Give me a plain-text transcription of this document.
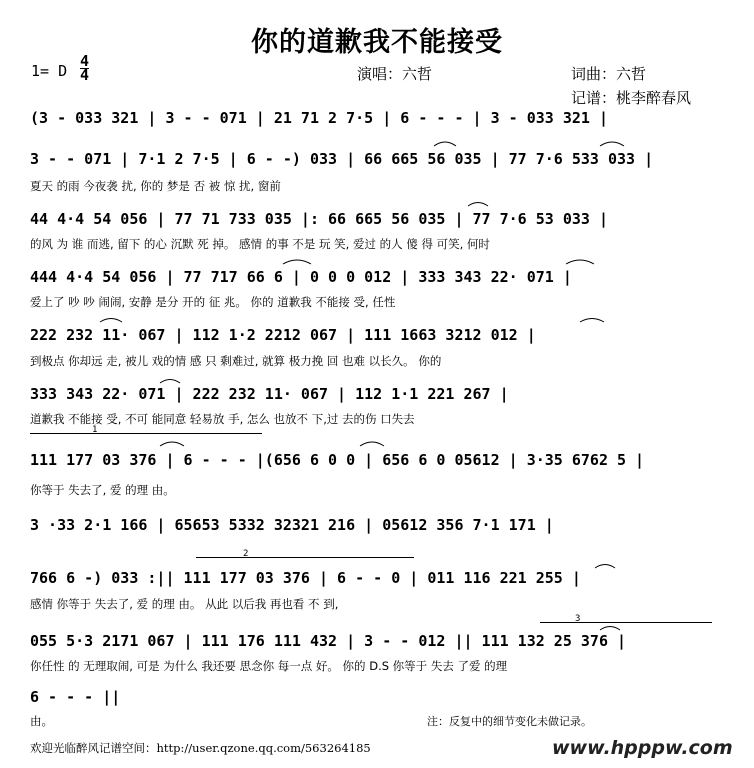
你的道歉我不能接受
1= D
4
4	演唱：六哲	词曲：六哲
记谱：桃李醉春风
(3 - 033 321 | 3 - - 071 | 21 71 2 7·5 | 6 - - - | 3 - 033 321 |
3 - - 071 | 7·1 2 7·5 | 6 - -) 033 | 66 665 56 035 | 77 7·6 533 033 |
夏天 的雨 今夜袭 扰, 你的 梦是 否 被 惊 扰, 窗前
44 4·4 54 056 | 77 71 733 035 |: 66 665 56 035 | 77 7·6 53 033 |
的风 为 谁 而逃, 留下 的心 沉默 死 掉。 感情 的事 不是 玩 笑, 爱过 的人 傻 得 可笑, 何时
444 4·4 54 056 | 77 717 66 6 | 0 0 0 012 | 333 343 22· 071 |
爱上了 吵 吵 闹闹, 安静 是分 开的 征 兆。 你的 道歉我 不能接 受, 任性
222 232 11· 067 | 112 1·2 2212 067 | 111 1663 3212 012 |
到极点 你却远 走, 被儿 戏的情 感 只 剩难过, 就算 极力挽 回 也难 以长久。 你的
333 343 22· 071 | 222 232 11· 067 | 112 1·1 221 267 |
道歉我 不能接 受, 不可 能同意 轻易放 手, 怎么 也放不 下,过 去的伤 口失去
1
111 177 03 376 | 6 - - - |(656 6 0 0 | 656 6 0 05612 | 3·35 6762 5 |
你等于 失去了, 爱 的理 由。
3 ·33 2·1 166 | 65653 5332 32321 216 | 05612 356 7·1 171 |
2
766 6 -) 033 :|| 111 177 03 376 | 6 - - 0 | 011 116 221 255 |
感情 你等于 失去了, 爱 的理 由。 从此 以后我 再也看 不 到,
3
055 5·3 2171 067 | 111 176 111 432 | 3 - - 012 || 111 132 25 376 |
你任性 的 无理取闹, 可是 为什么 我还要 思念你 每一点 好。 你的 D.S 你等于 失去 了爱 的理
6 - - - ||
由。	注：反复中的细节变化未做记录。
欢迎光临醉风记谱空间：http://user.qzone.qq.com/563264185	www.hpppw.com
